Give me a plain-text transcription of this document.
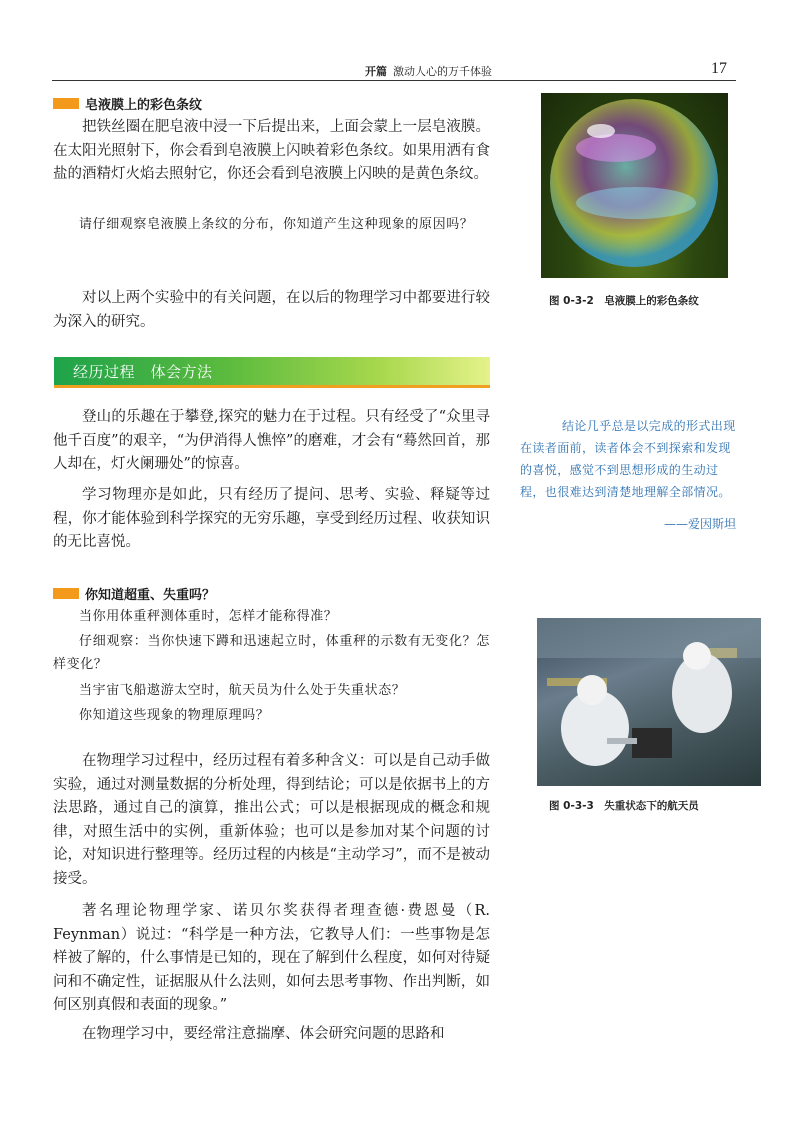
开篇 激动人心的万千体验	17
皂液膜上的彩色条纹

把铁丝圈在肥皂液中浸一下后提出来，上面会蒙上一层皂液膜。在太阳光照射下，你会看到皂液膜上闪映着彩色条纹。如果用洒有食盐的酒精灯火焰去照射它，你还会看到皂液膜上闪映的是黄色条纹。

请仔细观察皂液膜上条纹的分布，你知道产生这种现象的原因吗？

对以上两个实验中的有关问题，在以后的物理学习中都要进行较为深入的研究。

图 0-3-2　皂液膜上的彩色条纹
经历过程　体会方法

登山的乐趣在于攀登,探究的魅力在于过程。只有经受了“众里寻他千百度”的艰辛，“为伊消得人憔悴”的磨难，才会有“蓦然回首，那人却在，灯火阑珊处”的惊喜。

学习物理亦是如此，只有经历了提问、思考、实验、释疑等过程，你才能体验到科学探究的无穷乐趣，享受到经历过程、收获知识的无比喜悦。

结论几乎总是以完成的形式出现在读者面前，读者体会不到探索和发现的喜悦，感觉不到思想形成的生动过程，也很难达到清楚地理解全部情况。

——爱因斯坦
你知道超重、失重吗？

当你用体重秤测体重时，怎样才能称得准？

仔细观察：当你快速下蹲和迅速起立时，体重秤的示数有无变化？怎样变化？

当宇宙飞船遨游太空时，航天员为什么处于失重状态？

你知道这些现象的物理原理吗？

在物理学习过程中，经历过程有着多种含义：可以是自己动手做实验，通过对测量数据的分析处理，得到结论；可以是依据书上的方法思路，通过自己的演算，推出公式；可以是根据现成的概念和规律，对照生活中的实例，重新体验；也可以是参加对某个问题的讨论，对知识进行整理等。经历过程的内核是“主动学习”，而不是被动接受。

著名理论物理学家、诺贝尔奖获得者理查德·费恩曼（R. Feynman）说过：“科学是一种方法，它教导人们：一些事物是怎样被了解的，什么事情是已知的，现在了解到什么程度，如何对待疑问和不确定性，证据服从什么法则，如何去思考事物、作出判断，如何区别真假和表面的现象。”

在物理学习中，要经常注意揣摩、体会研究问题的思路和

图 0-3-3　失重状态下的航天员
